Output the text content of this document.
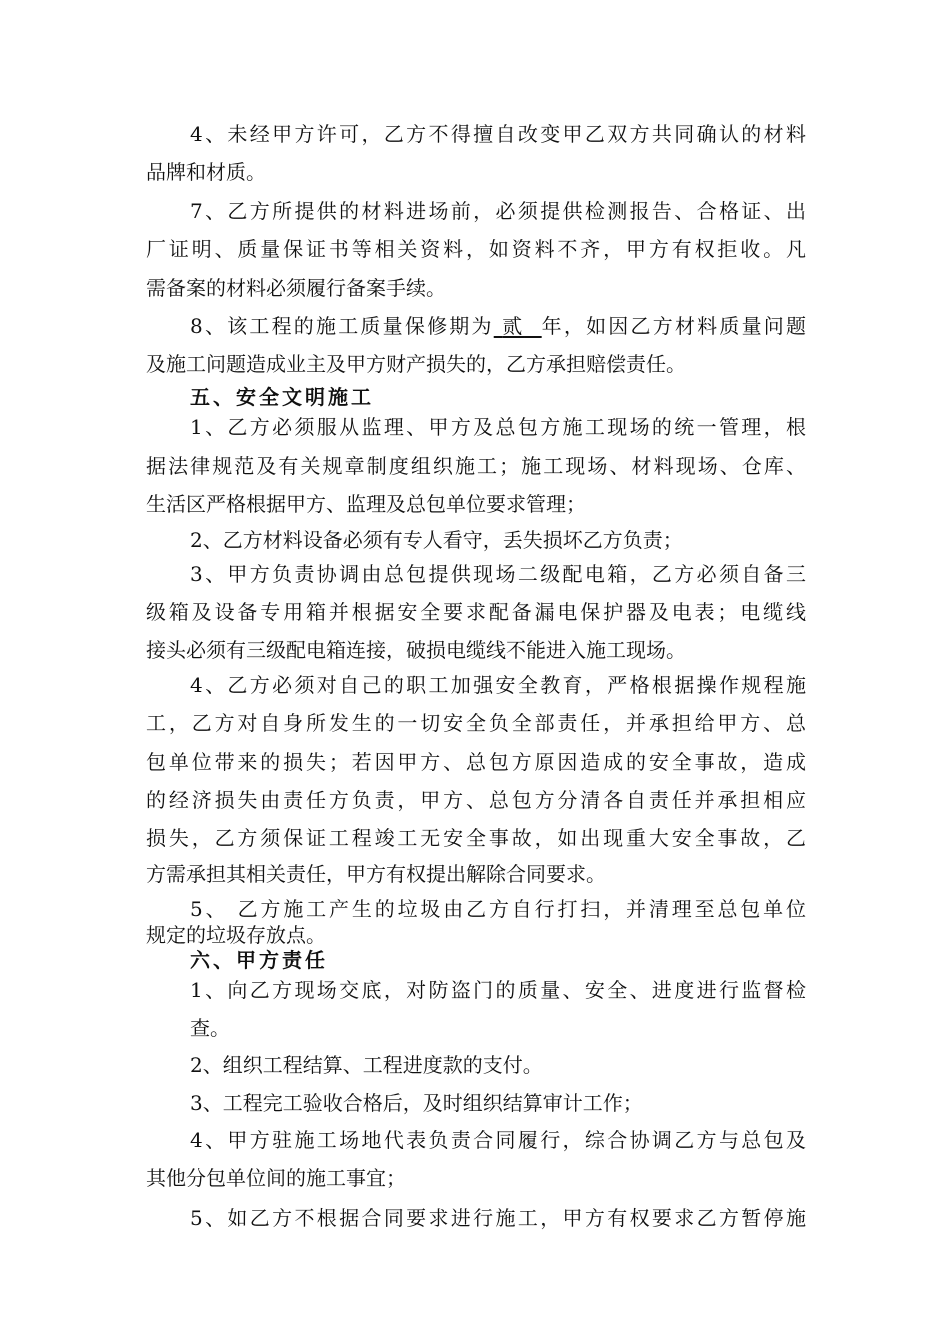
4、未经甲方许可，乙方不得擅自改变甲乙双方共同确认的材料
品牌和材质。
7、乙方所提供的材料进场前，必须提供检测报告、合格证、出
厂证明、质量保证书等相关资料，如资料不齐，甲方有权拒收。凡
需备案的材料必须履行备案手续。
8、该工程的施工质量保修期为 贰 年，如因乙方材料质量问题
及施工问题造成业主及甲方财产损失的，乙方承担赔偿责任。
五、安全文明施工
1、乙方必须服从监理、甲方及总包方施工现场的统一管理，根
据法律规范及有关规章制度组织施工；施工现场、材料现场、仓库、
生活区严格根据甲方、监理及总包单位要求管理；
2、乙方材料设备必须有专人看守，丢失损坏乙方负责；
3、甲方负责协调由总包提供现场二级配电箱，乙方必须自备三
级箱及设备专用箱并根据安全要求配备漏电保护器及电表；电缆线
接头必须有三级配电箱连接，破损电缆线不能进入施工现场。
4、乙方必须对自己的职工加强安全教育，严格根据操作规程施
工，乙方对自身所发生的一切安全负全部责任，并承担给甲方、总
包单位带来的损失；若因甲方、总包方原因造成的安全事故，造成
的经济损失由责任方负责，甲方、总包方分清各自责任并承担相应
损失，乙方须保证工程竣工无安全事故，如出现重大安全事故，乙
方需承担其相关责任，甲方有权提出解除合同要求。
5、 乙方施工产生的垃圾由乙方自行打扫，并清理至总包单位
规定的垃圾存放点。
六、甲方责任
1、向乙方现场交底，对防盗门的质量、安全、进度进行监督检
查。
2、组织工程结算、工程进度款的支付。
3、工程完工验收合格后，及时组织结算审计工作；
4、甲方驻施工场地代表负责合同履行，综合协调乙方与总包及
其他分包单位间的施工事宜；
5、如乙方不根据合同要求进行施工，甲方有权要求乙方暂停施
